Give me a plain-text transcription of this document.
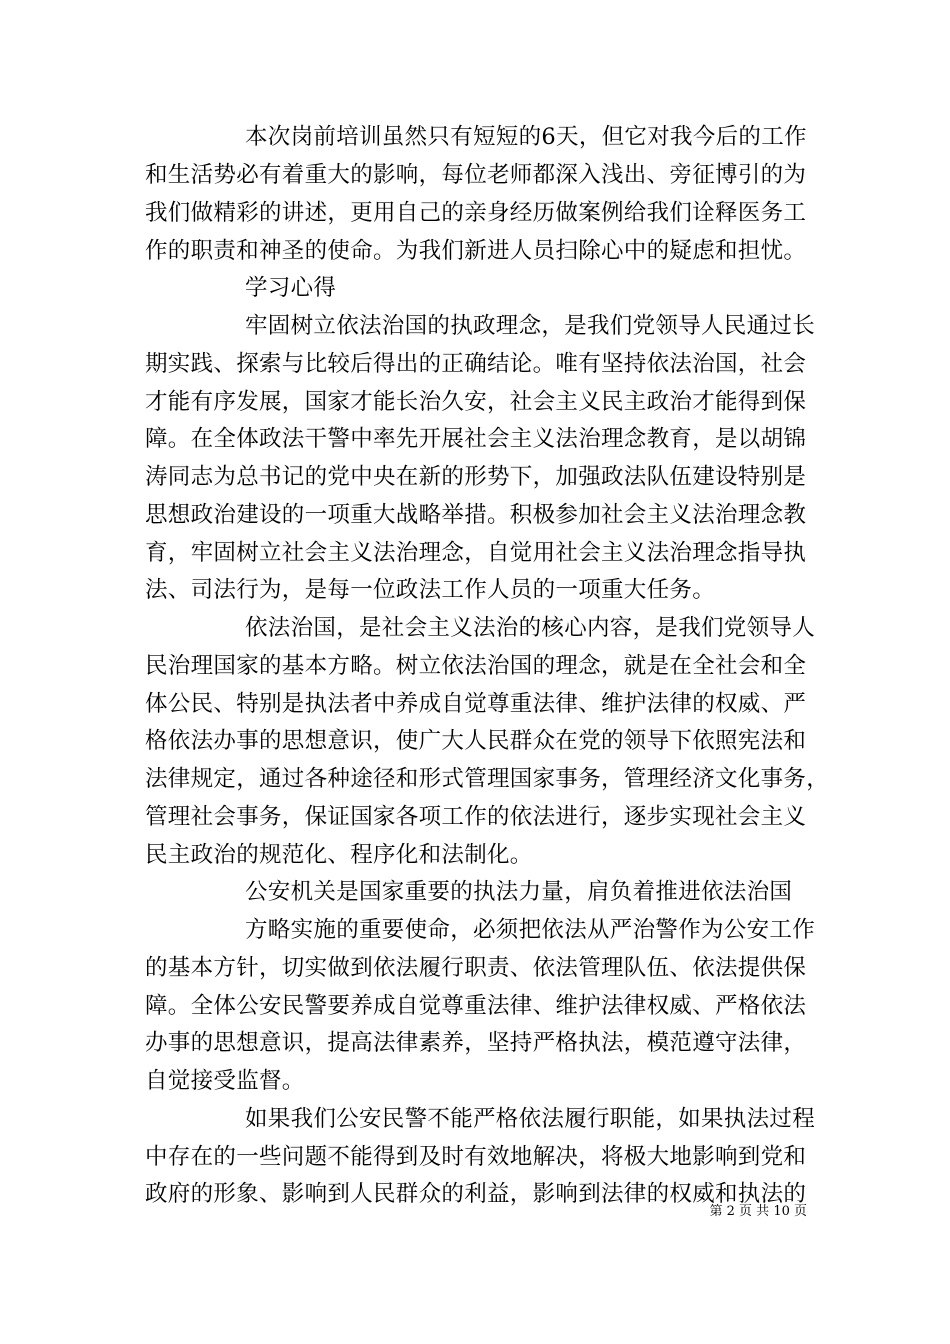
本次岗前培训虽然只有短短的6天，但它对我今后的工作
和生活势必有着重大的影响，每位老师都深入浅出、旁征博引的为
我们做精彩的讲述，更用自己的亲身经历做案例给我们诠释医务工
作的职责和神圣的使命。为我们新进人员扫除心中的疑虑和担忧。
学习心得
牢固树立依法治国的执政理念，是我们党领导人民通过长
期实践、探索与比较后得出的正确结论。唯有坚持依法治国，社会
才能有序发展，国家才能长治久安，社会主义民主政治才能得到保
障。在全体政法干警中率先开展社会主义法治理念教育，是以胡锦
涛同志为总书记的党中央在新的形势下，加强政法队伍建设特别是
思想政治建设的一项重大战略举措。积极参加社会主义法治理念教
育，牢固树立社会主义法治理念，自觉用社会主义法治理念指导执
法、司法行为，是每一位政法工作人员的一项重大任务。
依法治国，是社会主义法治的核心内容，是我们党领导人
民治理国家的基本方略。树立依法治国的理念，就是在全社会和全
体公民、特别是执法者中养成自觉尊重法律、维护法律的权威、严
格依法办事的思想意识，使广大人民群众在党的领导下依照宪法和
法律规定，通过各种途径和形式管理国家事务，管理经济文化事务，
管理社会事务，保证国家各项工作的依法进行，逐步实现社会主义
民主政治的规范化、程序化和法制化。
公安机关是国家重要的执法力量，肩负着推进依法治国
方略实施的重要使命，必须把依法从严治警作为公安工作
的基本方针，切实做到依法履行职责、依法管理队伍、依法提供保
障。全体公安民警要养成自觉尊重法律、维护法律权威、严格依法
办事的思想意识，提高法律素养，坚持严格执法，模范遵守法律，
自觉接受监督。
如果我们公安民警不能严格依法履行职能，如果执法过程
中存在的一些问题不能得到及时有效地解决，将极大地影响到党和
政府的形象、影响到人民群众的利益，影响到法律的权威和执法的
第 2 页 共 10 页
